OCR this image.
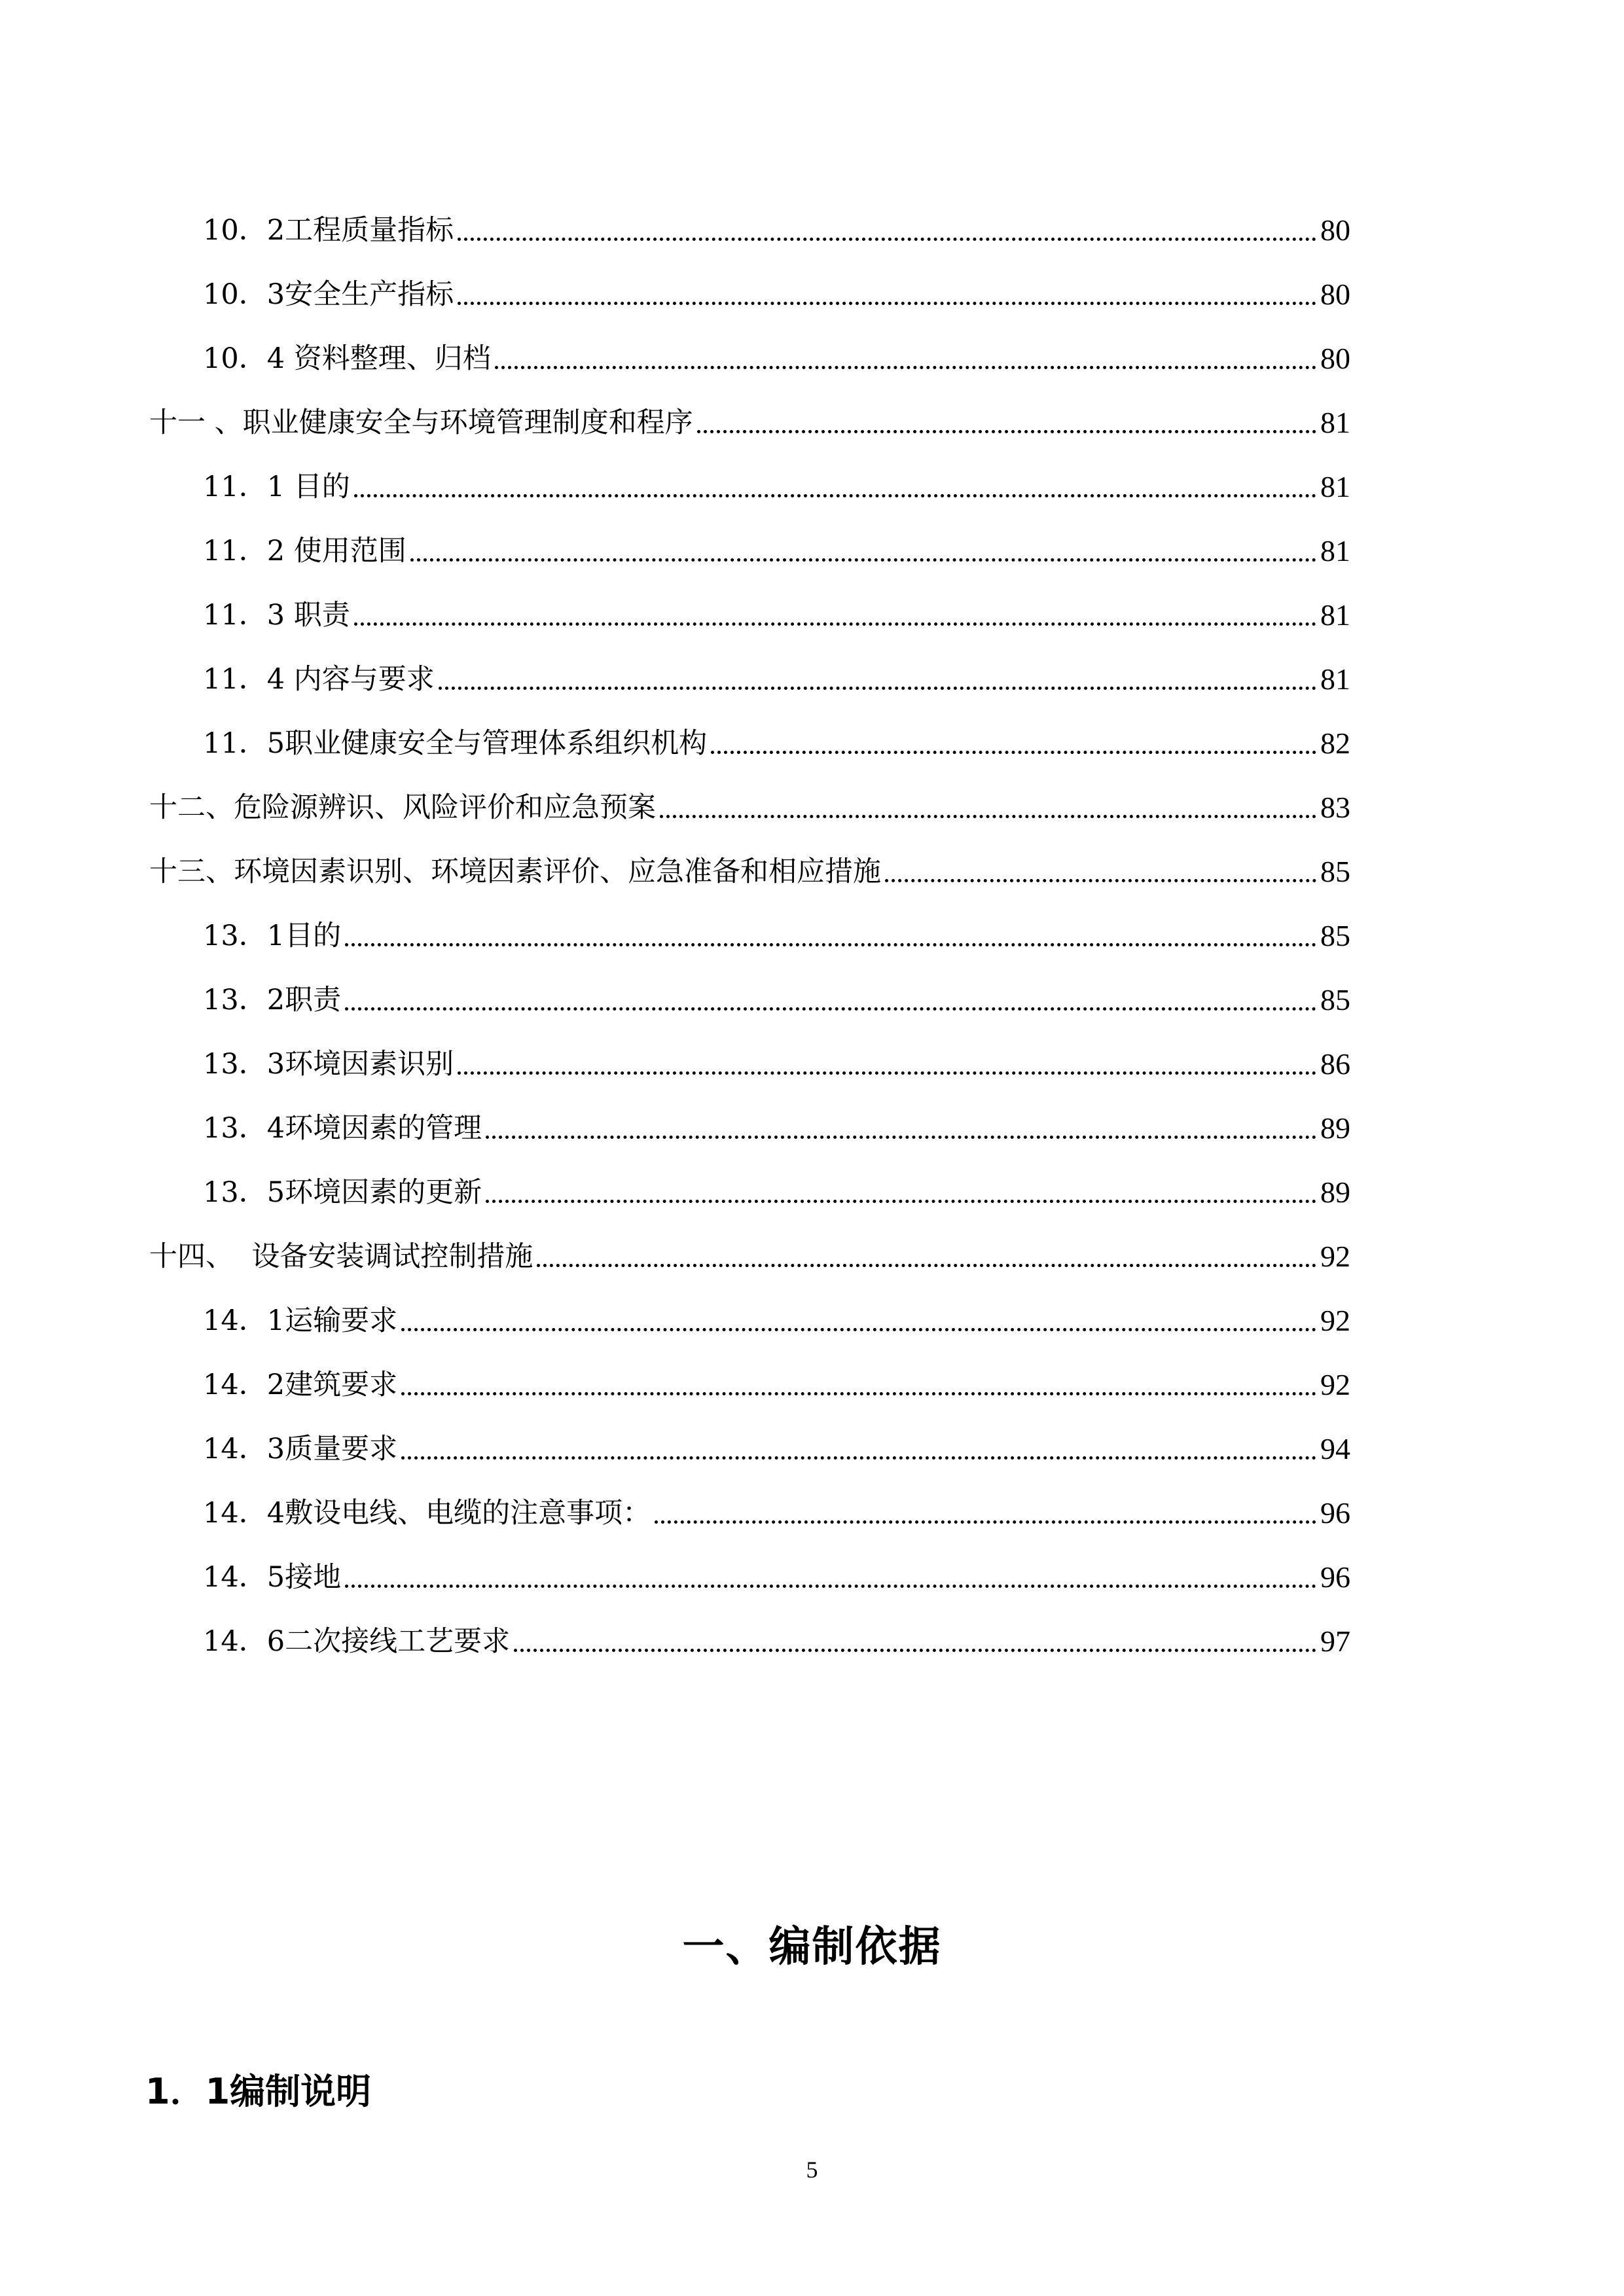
10．2工程质量指标	80
10．3安全生产指标	80
10．4 资料整理、归档	80
十一 、职业健康安全与环境管理制度和程序	81
11．1 目的	81
11．2 使用范围	81
11．3 职责	81
11．4 内容与要求	81
11．5职业健康安全与管理体系组织机构	82
十二、危险源辨识、风险评价和应急预案	83
十三、环境因素识别、环境因素评价、应急准备和相应措施	85
13．1目的	85
13．2职责	85
13．3环境因素识别	86
13．4环境因素的管理	89
13．5环境因素的更新	89
十四、  设备安装调试控制措施	92
14．1运输要求	92
14．2建筑要求	92
14．3质量要求	94
14．4敷设电线、电缆的注意事项：	96
14．5接地	96
14．6二次接线工艺要求	97
一、编制依据
1．1编制说明
5
